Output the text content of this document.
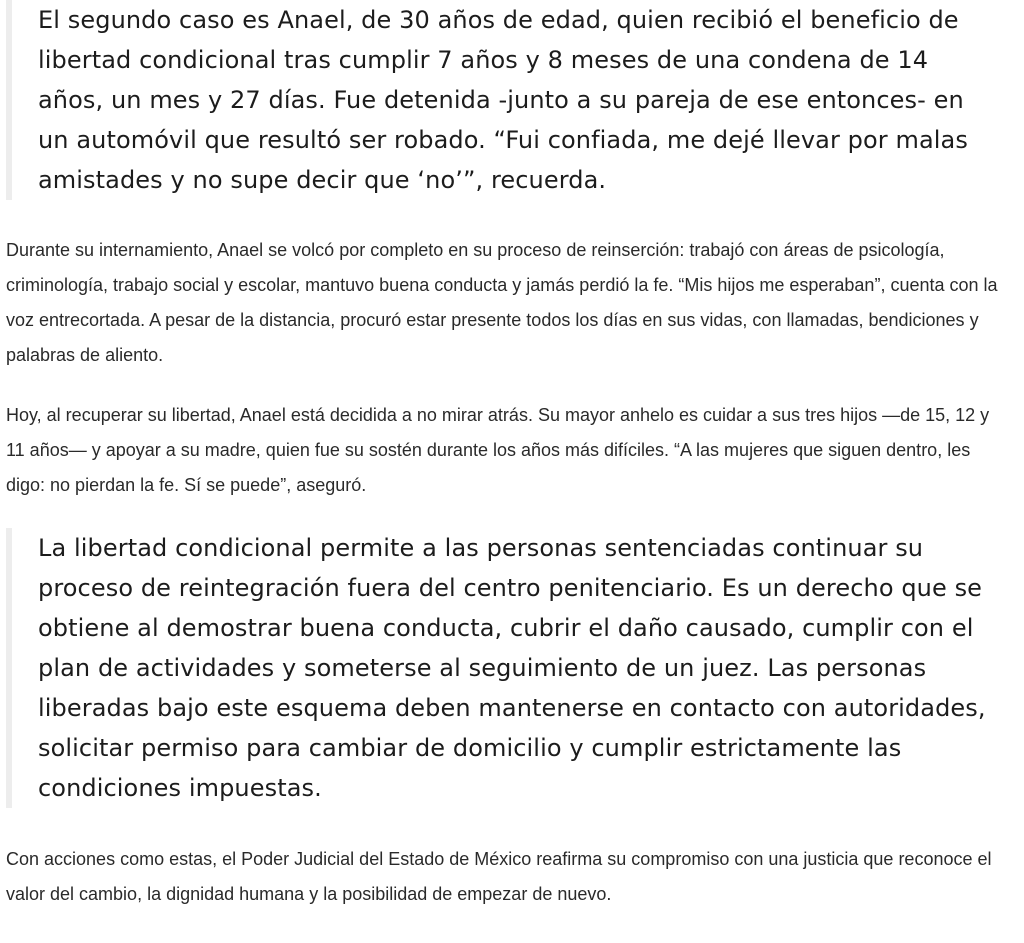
El segundo caso es Anael, de 30 años de edad, quien recibió el beneficio de libertad condicional tras cumplir 7 años y 8 meses de una condena de 14 años, un mes y 27 días. Fue detenida -junto a su pareja de ese entonces- en un automóvil que resultó ser robado. “Fui confiada, me dejé llevar por malas amistades y no supe decir que ‘no’”, recuerda.

Durante su internamiento, Anael se volcó por completo en su proceso de reinserción: trabajó con áreas de psicología, criminología, trabajo social y escolar, mantuvo buena conducta y jamás perdió la fe. “Mis hijos me esperaban”, cuenta con la voz entrecortada. A pesar de la distancia, procuró estar presente todos los días en sus vidas, con llamadas, bendiciones y palabras de aliento.

Hoy, al recuperar su libertad, Anael está decidida a no mirar atrás. Su mayor anhelo es cuidar a sus tres hijos —de 15, 12 y 11 años— y apoyar a su madre, quien fue su sostén durante los años más difíciles. “A las mujeres que siguen dentro, les digo: no pierdan la fe. Sí se puede”, aseguró.

La libertad condicional permite a las personas sentenciadas continuar su proceso de reintegración fuera del centro penitenciario. Es un derecho que se obtiene al demostrar buena conducta, cubrir el daño causado, cumplir con el plan de actividades y someterse al seguimiento de un juez. Las personas liberadas bajo este esquema deben mantenerse en contacto con autoridades, solicitar permiso para cambiar de domicilio y cumplir estrictamente las condiciones impuestas.

Con acciones como estas, el Poder Judicial del Estado de México reafirma su compromiso con una justicia que reconoce el valor del cambio, la dignidad humana y la posibilidad de empezar de nuevo.
